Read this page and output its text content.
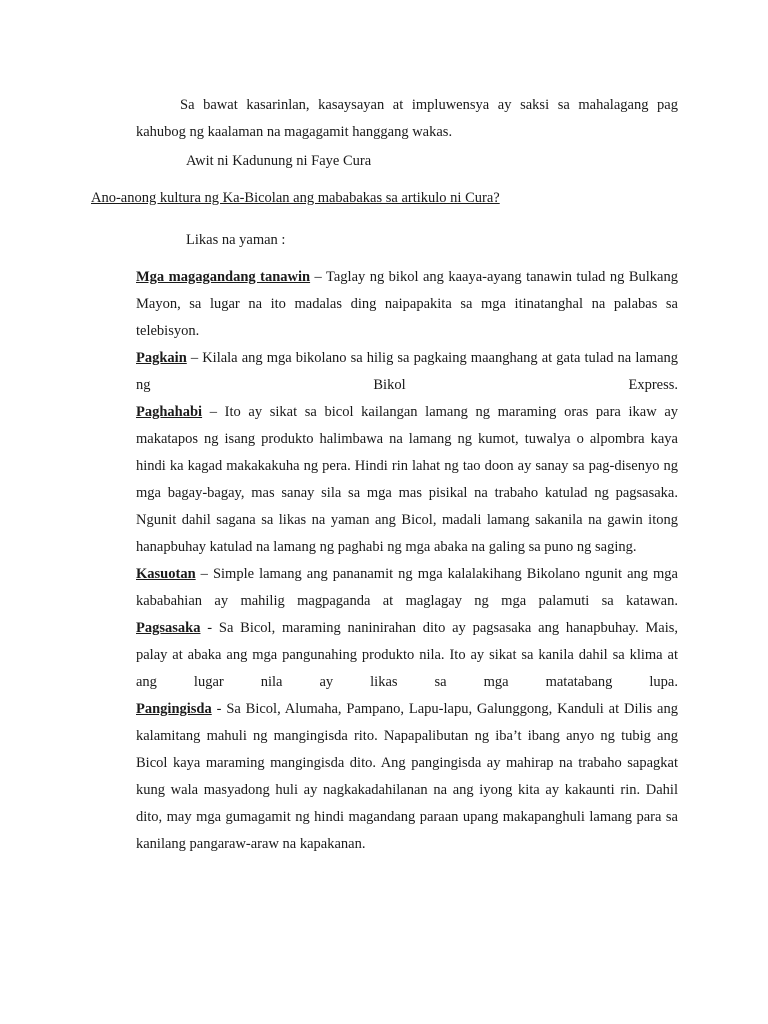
Sa bawat kasarinlan, kasaysayan at impluwensya ay saksi sa mahalagang pag kahubog ng kaalaman na magagamit hanggang wakas.

Awit ni Kadunung ni Faye Cura

Ano-anong kultura ng Ka-Bicolan ang mababakas sa artikulo ni Cura?

Likas na yaman :

Mga magagandang tanawin – Taglay ng bikol ang kaaya-ayang tanawin tulad ng Bulkang Mayon, sa lugar na ito madalas ding naipapakita sa mga itinatanghal na palabas sa telebisyon.
Pagkain – Kilala ang mga bikolano sa hilig sa pagkaing maanghang at gata tulad na lamang ng Bikol Express.
Paghahabi – Ito ay sikat sa bicol kailangan lamang ng maraming oras para ikaw ay makatapos ng isang produkto halimbawa na lamang ng kumot, tuwalya o alpombra kaya hindi ka kagad makakakuha ng pera. Hindi rin lahat ng tao doon ay sanay sa pag-disenyo ng mga bagay-bagay, mas sanay sila sa mga mas pisikal na trabaho katulad ng pagsasaka. Ngunit dahil sagana sa likas na yaman ang Bicol, madali lamang sakanila na gawin itong hanapbuhay katulad na lamang ng paghabi ng mga abaka na galing sa puno ng saging.
Kasuotan – Simple lamang ang pananamit ng mga kalalakihang Bikolano ngunit ang mga kababahian ay mahilig magpaganda at maglagay ng mga palamuti sa katawan.
Pagsasaka - Sa Bicol, maraming naninirahan dito ay pagsasaka ang hanapbuhay. Mais, palay at abaka ang mga pangunahing produkto nila. Ito ay sikat sa kanila dahil sa klima at ang lugar nila ay likas sa mga matatabang lupa.
Pangingisda - Sa Bicol, Alumaha, Pampano, Lapu-lapu, Galunggong, Kanduli at Dilis ang kalamitang mahuli ng mangingisda rito. Napapalibutan ng iba’t ibang anyo ng tubig ang Bicol kaya maraming mangingisda dito. Ang pangingisda ay mahirap na trabaho sapagkat kung wala masyadong huli ay nagkakadahilanan na ang iyong kita ay kakaunti rin. Dahil dito, may mga gumagamit ng hindi magandang paraan upang makapanghuli lamang para sa kanilang pangaraw-araw na kapakanan.
